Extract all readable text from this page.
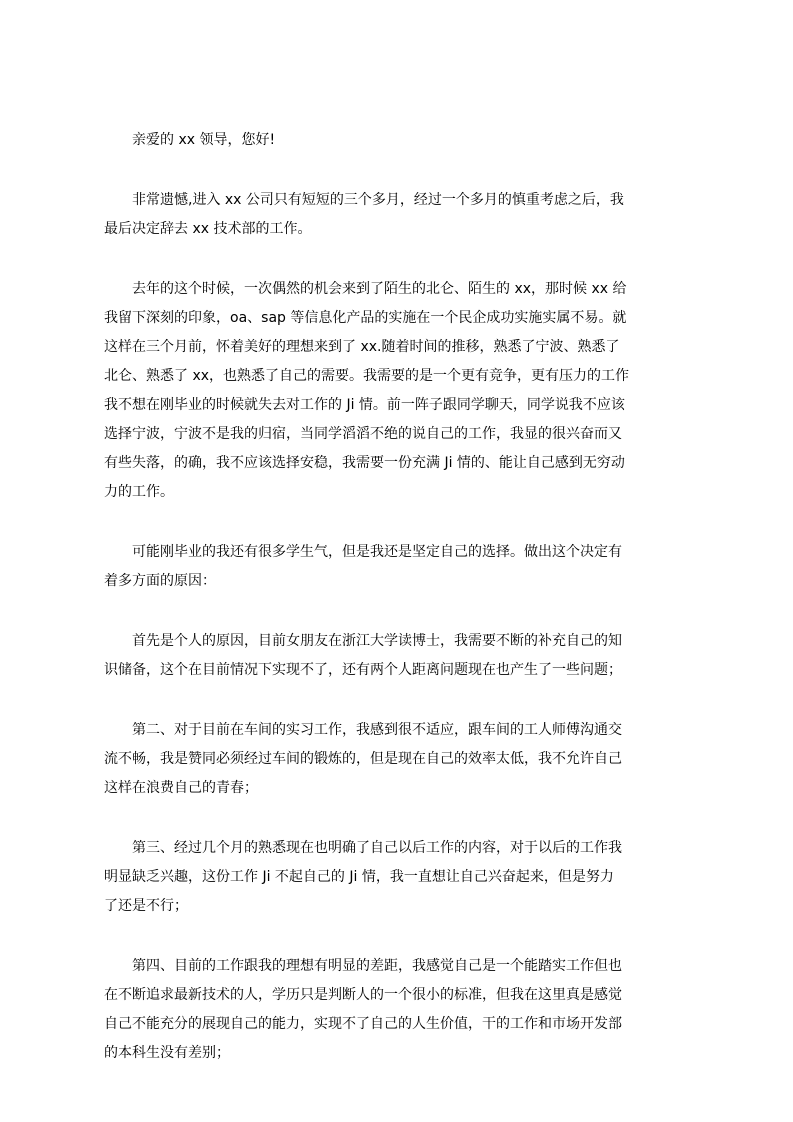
亲爱的 xx 领导，您好!

非常遗憾,进入 xx 公司只有短短的三个多月，经过一个多月的慎重考虑之后，我
最后决定辞去 xx 技术部的工作。

去年的这个时候，一次偶然的机会来到了陌生的北仑、陌生的 xx，那时候 xx 给
我留下深刻的印象，oa、sap 等信息化产品的实施在一个民企成功实施实属不易。就
这样在三个月前，怀着美好的理想来到了 xx.随着时间的推移，熟悉了宁波、熟悉了
北仑、熟悉了 xx，也熟悉了自己的需要。我需要的是一个更有竞争，更有压力的工作
我不想在刚毕业的时候就失去对工作的 Ji 情。前一阵子跟同学聊天，同学说我不应该
选择宁波，宁波不是我的归宿，当同学滔滔不绝的说自己的工作，我显的很兴奋而又
有些失落，的确，我不应该选择安稳，我需要一份充满 Ji 情的、能让自己感到无穷动
力的工作。

可能刚毕业的我还有很多学生气，但是我还是坚定自己的选择。做出这个决定有
着多方面的原因：

首先是个人的原因，目前女朋友在浙江大学读博士，我需要不断的补充自己的知
识储备，这个在目前情况下实现不了，还有两个人距离问题现在也产生了一些问题；

第二、对于目前在车间的实习工作，我感到很不适应，跟车间的工人师傅沟通交
流不畅，我是赞同必须经过车间的锻炼的，但是现在自己的效率太低，我不允许自己
这样在浪费自己的青春；

第三、经过几个月的熟悉现在也明确了自己以后工作的内容，对于以后的工作我
明显缺乏兴趣，这份工作 Ji 不起自己的 Ji 情，我一直想让自己兴奋起来，但是努力
了还是不行；

第四、目前的工作跟我的理想有明显的差距，我感觉自己是一个能踏实工作但也
在不断追求最新技术的人，学历只是判断人的一个很小的标准，但我在这里真是感觉
自己不能充分的展现自己的能力，实现不了自己的人生价值，干的工作和市场开发部
的本科生没有差别；
